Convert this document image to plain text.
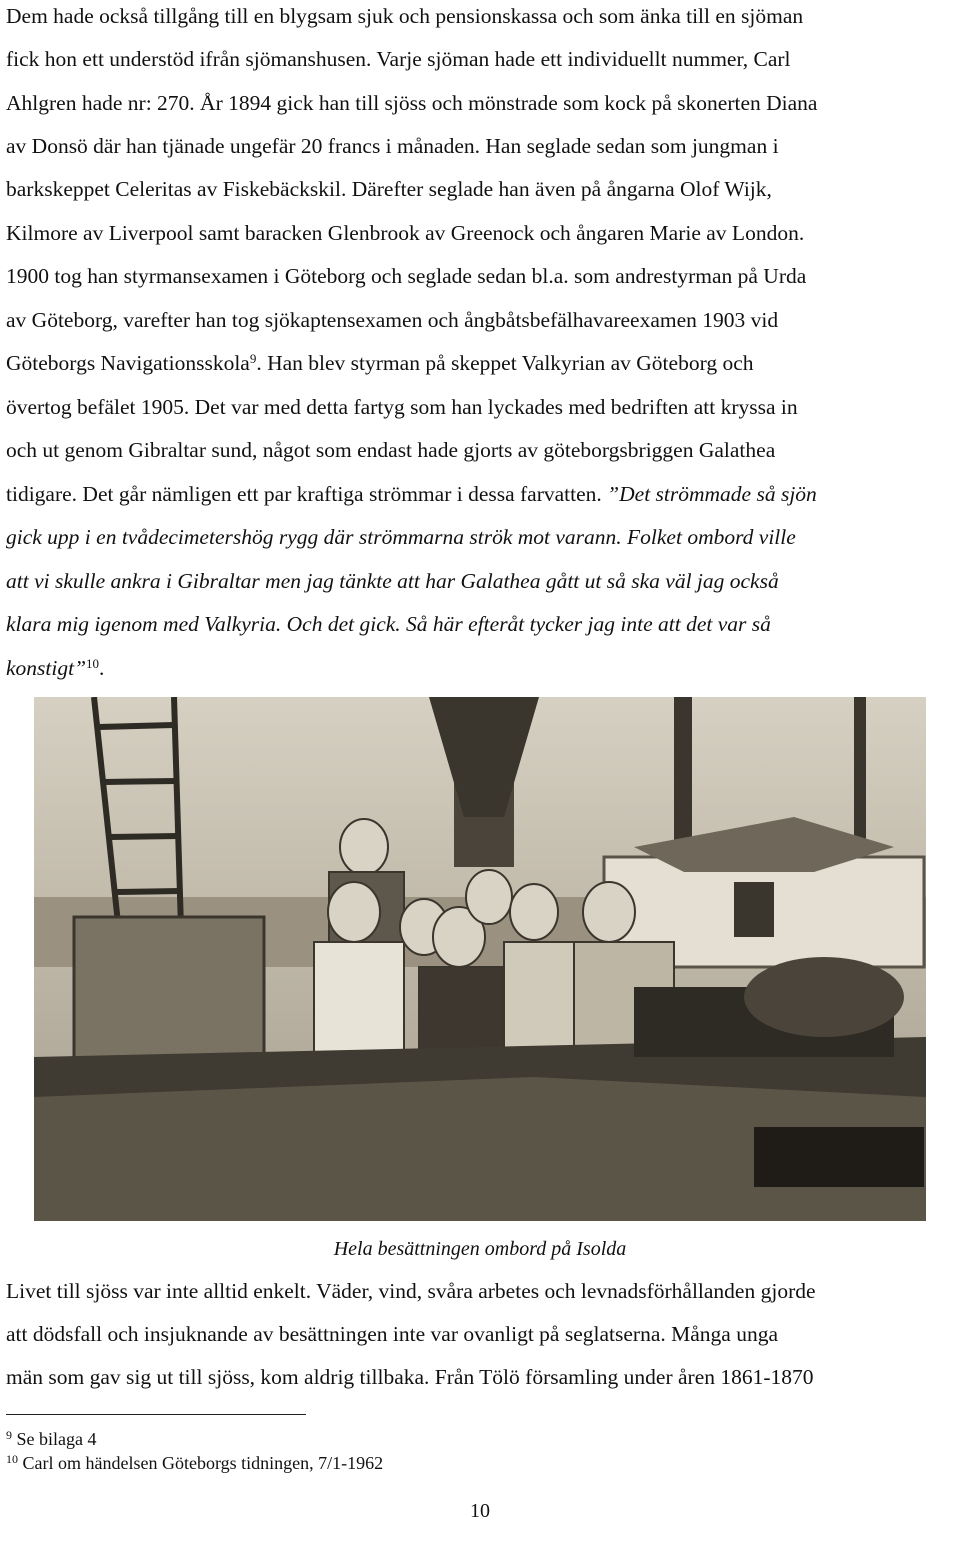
Dem hade också tillgång till en blygsam sjuk och pensionskassa och som änka till en sjöman
fick hon ett understöd ifrån sjömanshusen. Varje sjöman hade ett individuellt nummer, Carl
Ahlgren hade nr: 270. År 1894 gick han till sjöss och mönstrade som kock på skonerten Diana
av Donsö där han tjänade ungefär 20 francs i månaden. Han seglade sedan som jungman i
barkskeppet Celeritas av Fiskebäckskil. Därefter seglade han även på ångarna Olof Wijk,
Kilmore av Liverpool samt baracken Glenbrook av Greenock och ångaren Marie av London.
1900 tog han styrmansexamen i Göteborg och seglade sedan bl.a. som andrestyrman på Urda
av Göteborg, varefter han tog sjökaptensexamen och ångbåtsbefälhavareexamen 1903 vid
Göteborgs Navigationsskola$^9$. Han blev styrman på skeppet Valkyrian av Göteborg och
övertog befälet 1905. Det var med detta fartyg som han lyckades med bedriften att kryssa in
och ut genom Gibraltar sund, något som endast hade gjorts av göteborgsbriggen Galathea
tidigare. Det går nämligen ett par kraftiga strömmar i dessa farvatten. ”Det strömmade så sjön
gick upp i en tvådecimetershög rygg där strömmarna strök mot varann. Folket ombord ville
att vi skulle ankra i Gibraltar men jag tänkte att har Galathea gått ut så ska väl jag också
klara mig igenom med Valkyria. Och det gick. Så här efteråt tycker jag inte att det var så
konstigt”$^{10}$.
Hela besättningen ombord på Isolda
Livet till sjöss var inte alltid enkelt. Väder, vind, svåra arbetes och levnadsförhållanden gjorde
att dödsfall och insjuknande av besättningen inte var ovanligt på seglatserna. Många unga
män som gav sig ut till sjöss, kom aldrig tillbaka. Från Tölö församling under åren 1861-1870
$^9$ Se bilaga 4
$^{10}$ Carl om händelsen Göteborgs tidningen, 7/1-1962
10
